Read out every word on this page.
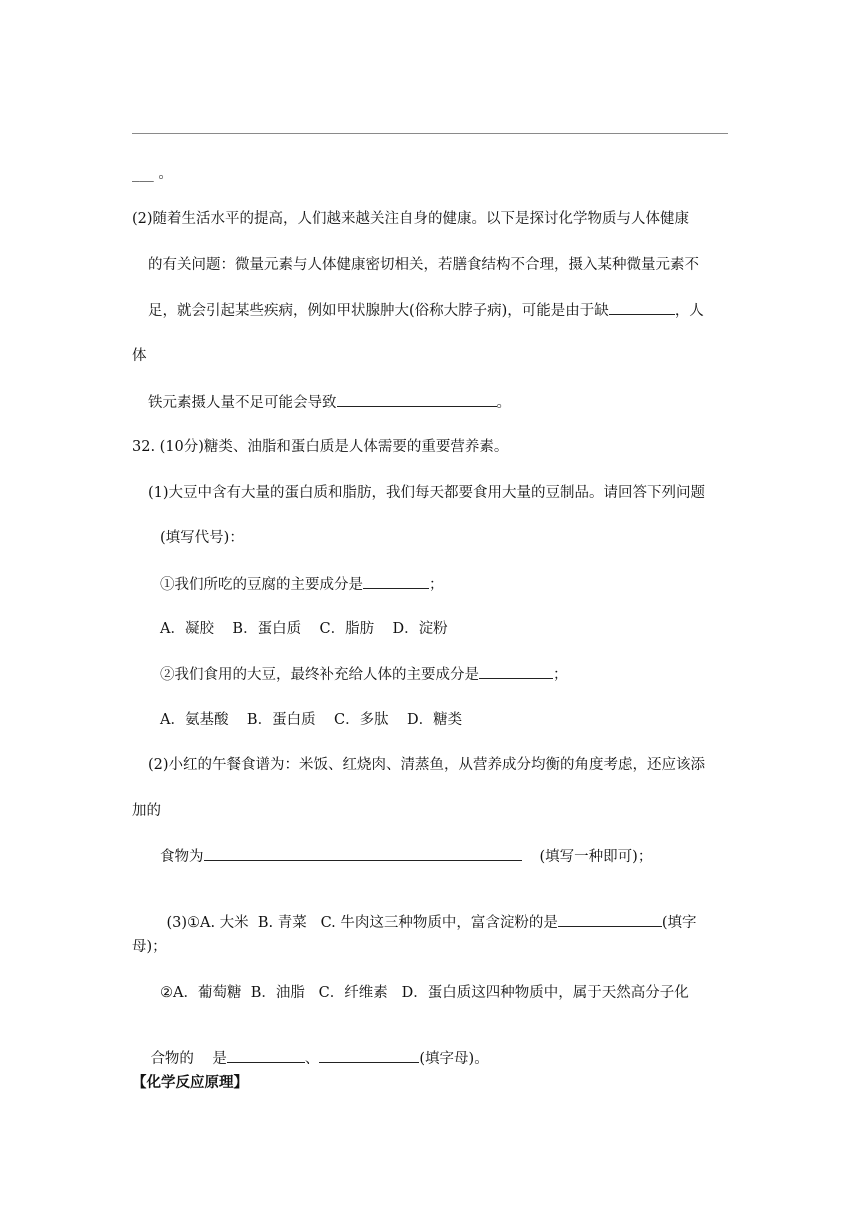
___ 。
(2)随着生活水平的提高，人们越来越关注自身的健康。以下是探讨化学物质与人体健康
的有关问题：微量元素与人体健康密切相关，若膳食结构不合理，摄入某种微量元素不
足，就会引起某些疾病，例如甲状腺肿大(俗称大脖子病)，可能是由于缺	，人
体
铁元素摄人量不足可能会导致	。
32. (10分)糖类、油脂和蛋白质是人体需要的重要营养素。
(1)大豆中含有大量的蛋白质和脂肪，我们每天都要食用大量的豆制品。请回答下列问题
(填写代号)：
①我们所吃的豆腐的主要成分是	；
A．凝胶    B．蛋白质    C．脂肪    D．淀粉
②我们食用的大豆，最终补充给人体的主要成分是	；
A．氨基酸    B．蛋白质    C．多肽    D．糖类
(2)小红的午餐食谱为：米饭、红烧肉、清蒸鱼，从营养成分均衡的角度考虑，还应该添
加的
食物为	(填写一种即可)；

(3)①A. 大米  B. 青菜   C. 牛肉这三种物质中，富含淀粉的是	(填字

母)；
②A．葡萄糖  B．油脂   C．纤维素   D．蛋白质这四种物质中，属于天然高分子化

合物的    是	、	(填字母)。

【化学反应原理】
